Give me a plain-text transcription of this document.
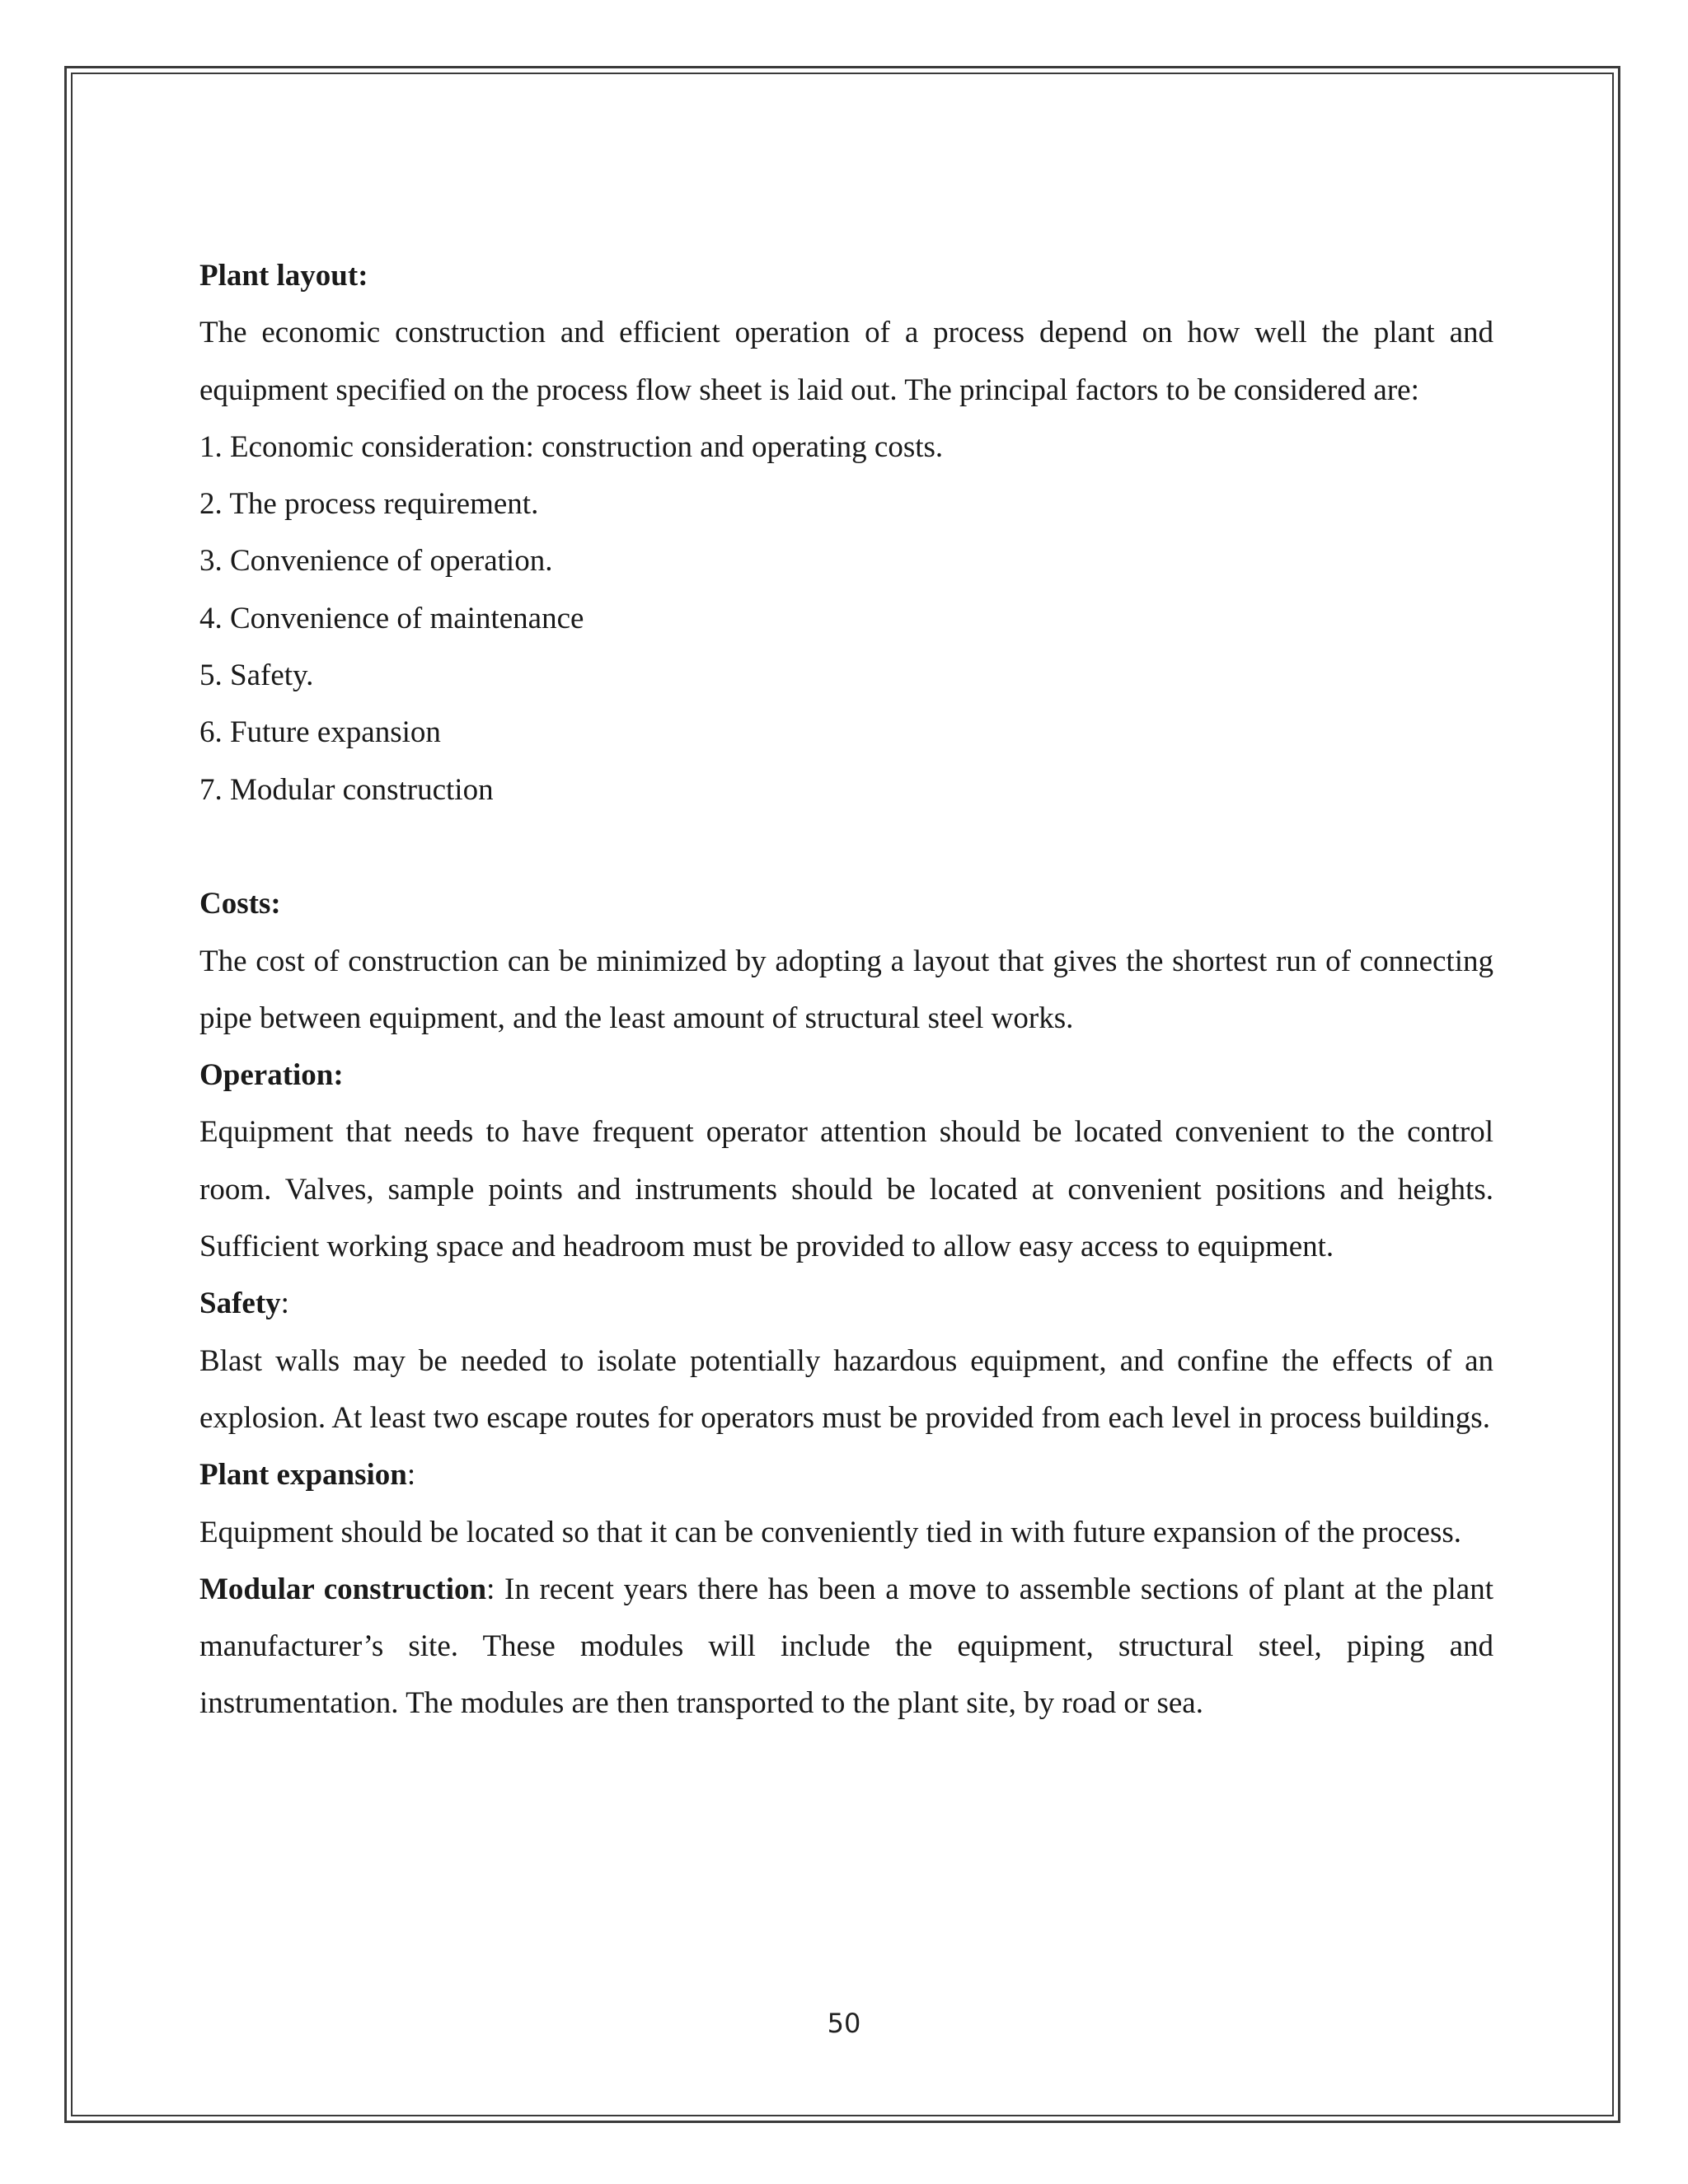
Plant layout:

The economic construction and efficient operation of a process depend on how well the plant and equipment specified on the process flow sheet is laid out. The principal factors to be considered are:

1. Economic consideration: construction and operating costs.

2. The process requirement.

3. Convenience of operation.

4. Convenience of maintenance

5. Safety.

6. Future expansion

7. Modular construction

Costs:

The cost of construction can be minimized by adopting a layout that gives the shortest run of connecting pipe between equipment, and the least amount of structural steel works.

Operation:

Equipment that needs to have frequent operator attention should be located convenient to the control room. Valves, sample points and instruments should be located at convenient positions and heights. Sufficient working space and headroom must be provided to allow easy access to equipment.

Safety:

Blast walls may be needed to isolate potentially hazardous equipment, and confine the effects of an explosion. At least two escape routes for operators must be provided from each level in process buildings.

Plant expansion:

Equipment should be located so that it can be conveniently tied in with future expansion of the process.

Modular construction: In recent years there has been a move to assemble sections of plant at the plant manufacturer’s site. These modules will include the equipment, structural steel, piping and instrumentation. The modules are then transported to the plant site, by road or sea.

50
